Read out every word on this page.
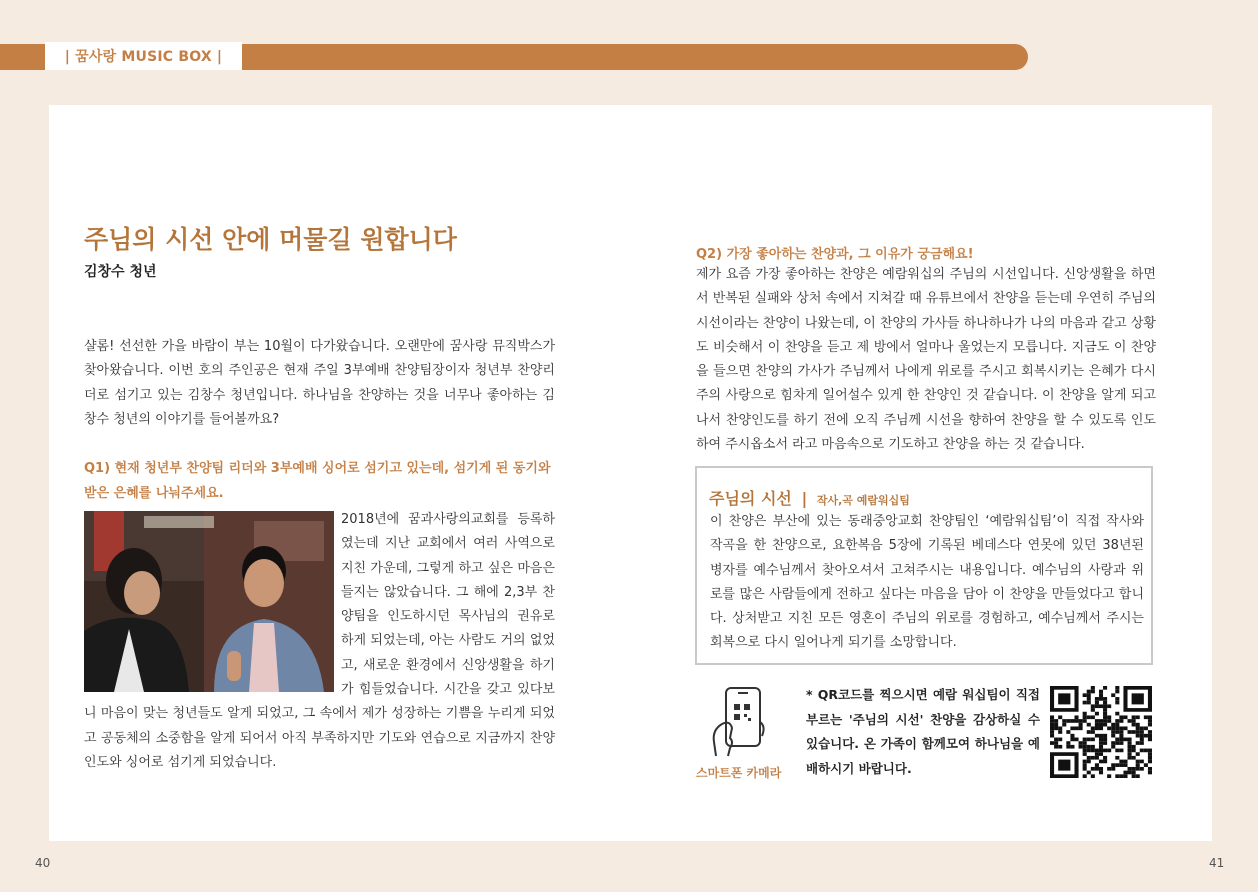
| 꿈사랑 MUSIC BOX |
주님의 시선 안에 머물길 원합니다
김창수 청년
샬롬! 선선한 가을 바람이 부는 10월이 다가왔습니다. 오랜만에 꿈사랑 뮤직박스가 찾아왔습니다. 이번 호의 주인공은 현재 주일 3부예배 찬양팀장이자 청년부 찬양리더로 섬기고 있는 김창수 청년입니다. 하나님을 찬양하는 것을 너무나 좋아하는 김창수 청년의 이야기를 들어볼까요?
Q1) 현재 청년부 찬양팀 리더와 3부예배 싱어로 섬기고 있는데, 섬기게 된 동기와 받은 은혜를 나눠주세요.
2018년에 꿈과사랑의교회를 등록하였는데 지난 교회에서 여러 사역으로 지친 가운데, 그렇게 하고 싶은 마음은 들지는 않았습니다. 그 해에 2,3부 찬양팀을 인도하시던 목사님의 권유로 하게 되었는데, 아는 사람도 거의 없었고, 새로운 환경에서 신앙생활을 하기가 힘들었습니다. 시간을 갖고 있다보니 마음이 맞는 청년들도 알게 되었고, 그 속에서 제가 성장하는 기쁨을 누리게 되었고 공동체의 소중함을 알게 되어서 아직 부족하지만 기도와 연습으로 지금까지 찬양인도와 싱어로 섬기게 되었습니다.
Q2) 가장 좋아하는 찬양과, 그 이유가 궁금해요!
제가 요즘 가장 좋아하는 찬양은 예람워십의 주님의 시선입니다. 신앙생활을 하면서 반복된 실패와 상처 속에서 지쳐갈 때 유튜브에서 찬양을 듣는데 우연히 주님의 시선이라는 찬양이 나왔는데, 이 찬양의 가사들 하나하나가 나의 마음과 같고 상황도 비슷해서 이 찬양을 듣고 제 방에서 얼마나 울었는지 모릅니다. 지금도 이 찬양을 들으면 찬양의 가사가 주님께서 나에게 위로를 주시고 회복시키는 은혜가 다시 주의 사랑으로 힘차게 일어설수 있게 한 찬양인 것 같습니다. 이 찬양을 알게 되고 나서 찬양인도를 하기 전에 오직 주님께 시선을 향하여 찬양을 할 수 있도록 인도하여 주시옵소서 라고 마음속으로 기도하고 찬양을 하는 것 같습니다.
주님의 시선 | 작사,곡 예람워십팀
이 찬양은 부산에 있는 동래중앙교회 찬양팀인 ‘예람워십팀’이 직접 작사와 작곡을 한 찬양으로, 요한복음 5장에 기록된 베데스다 연못에 있던 38년된 병자를 예수님께서 찾아오셔서 고쳐주시는 내용입니다. 예수님의 사랑과 위로를 많은 사람들에게 전하고 싶다는 마음을 담아 이 찬양을 만들었다고 합니다. 상처받고 지친 모든 영혼이 주님의 위로를 경험하고, 예수님께서 주시는 회복으로 다시 일어나게 되기를 소망합니다.
스마트폰 카메라
* QR코드를 찍으시면 예람 워십팀이 직접 부르는 '주님의 시선' 찬양을 감상하실 수 있습니다. 온 가족이 함께모여 하나님을 예배하시기 바랍니다.
40	41
